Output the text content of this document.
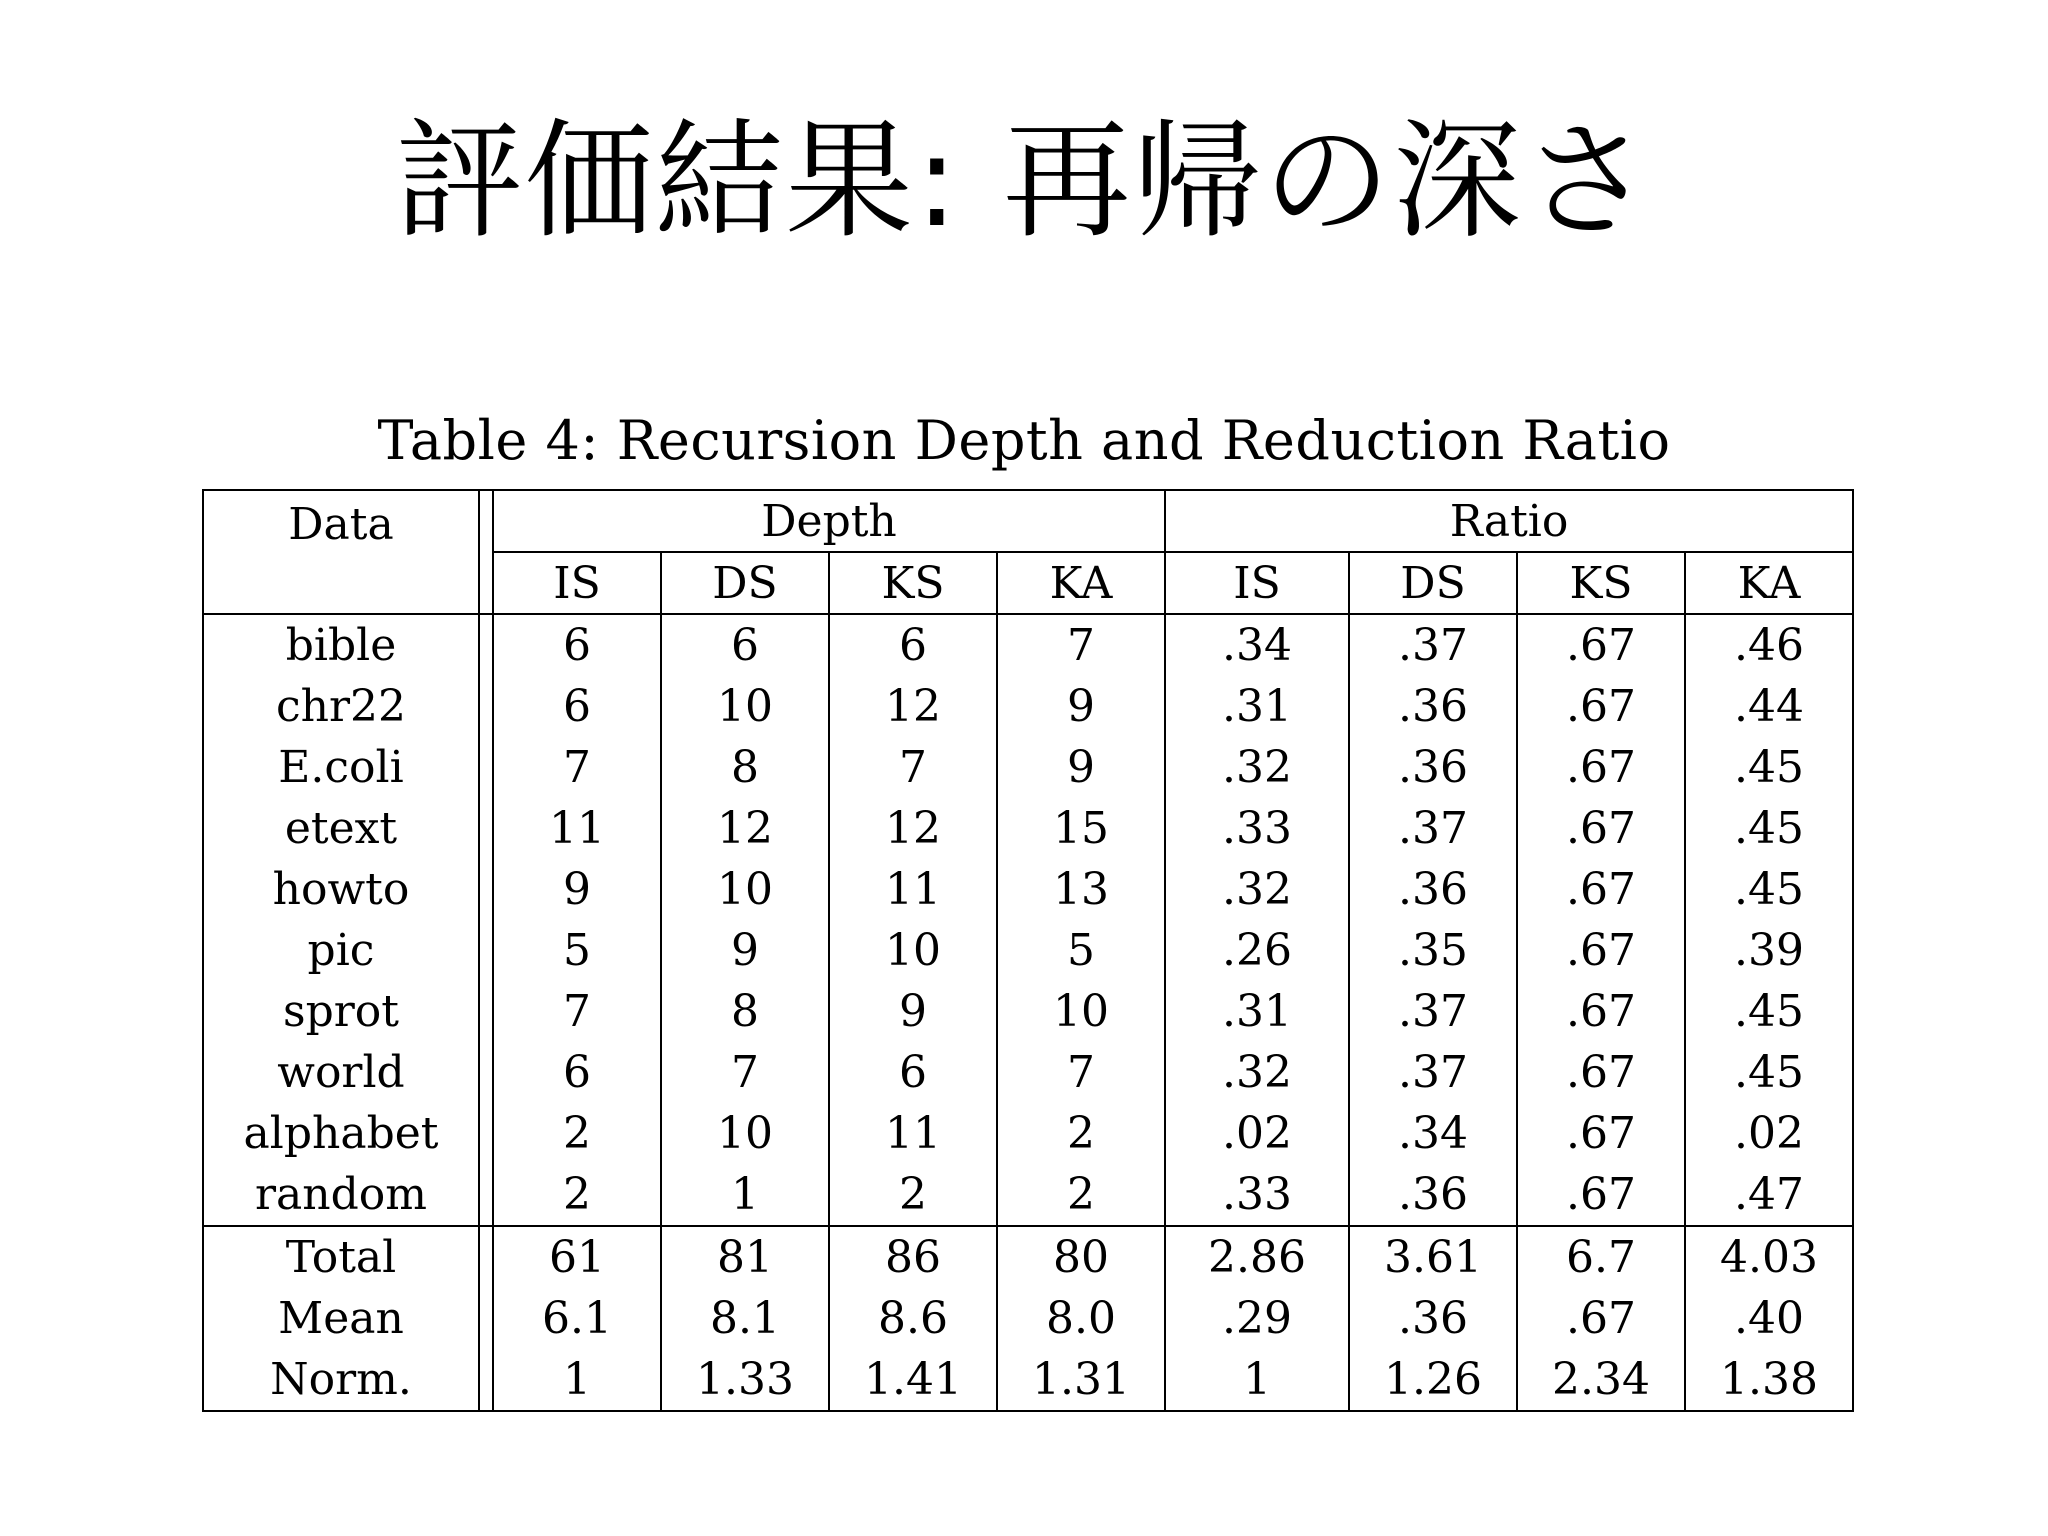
評価結果: 再帰の深さ
Table 4: Recursion Depth and Reduction Ratio
Data		Depth				Ratio			
		IS	DS	KS	KA	IS	DS	KS	KA
bible		6	6	6	7	.34	.37	.67	.46
chr22		6	10	12	9	.31	.36	.67	.44
E.coli		7	8	7	9	.32	.36	.67	.45
etext		11	12	12	15	.33	.37	.67	.45
howto		9	10	11	13	.32	.36	.67	.45
pic		5	9	10	5	.26	.35	.67	.39
sprot		7	8	9	10	.31	.37	.67	.45
world		6	7	6	7	.32	.37	.67	.45
alphabet		2	10	11	2	.02	.34	.67	.02
random		2	1	2	2	.33	.36	.67	.47
Total		61	81	86	80	2.86	3.61	6.7	4.03
Mean		6.1	8.1	8.6	8.0	.29	.36	.67	.40
Norm.		1	1.33	1.41	1.31	1	1.26	2.34	1.38
